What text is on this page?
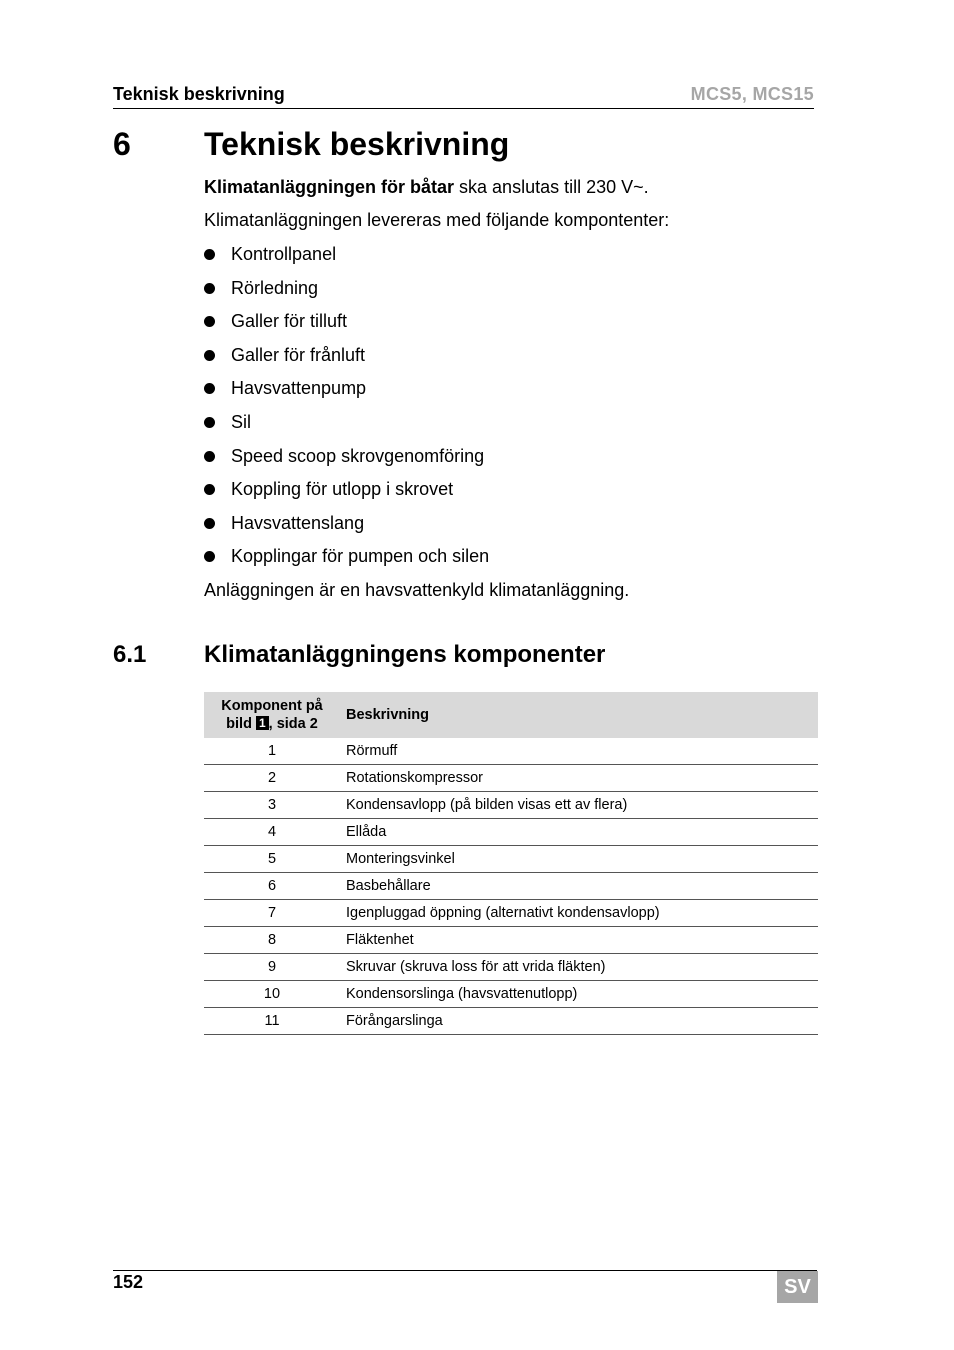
Teknisk beskrivning	MCS5, MCS15
6 Teknisk beskrivning
Klimatanläggningen för båtar ska anslutas till 230 V~.
Klimatanläggningen levereras med följande kompontenter:
Kontrollpanel
Rörledning
Galler för tilluft
Galler för frånluft
Havsvattenpump
Sil
Speed scoop skrovgenomföring
Koppling för utlopp i skrovet
Havsvattenslang
Kopplingar för pumpen och silen
Anläggningen är en havsvattenkyld klimatanläggning.
6.1 Klimatanläggningens komponenter
Komponent på
bild 1 , sida 2	Beskrivning
1	Rörmuff
2	Rotationskompressor
3	Kondensavlopp (på bilden visas ett av flera)
4	Ellåda
5	Monteringsvinkel
6	Basbehållare
7	Igenpluggad öppning (alternativt kondensavlopp)
8	Fläktenhet
9	Skruvar (skruva loss för att vrida fläkten)
10	Kondensorslinga (havsvattenutlopp)
11	Förångarslinga
152	SV
